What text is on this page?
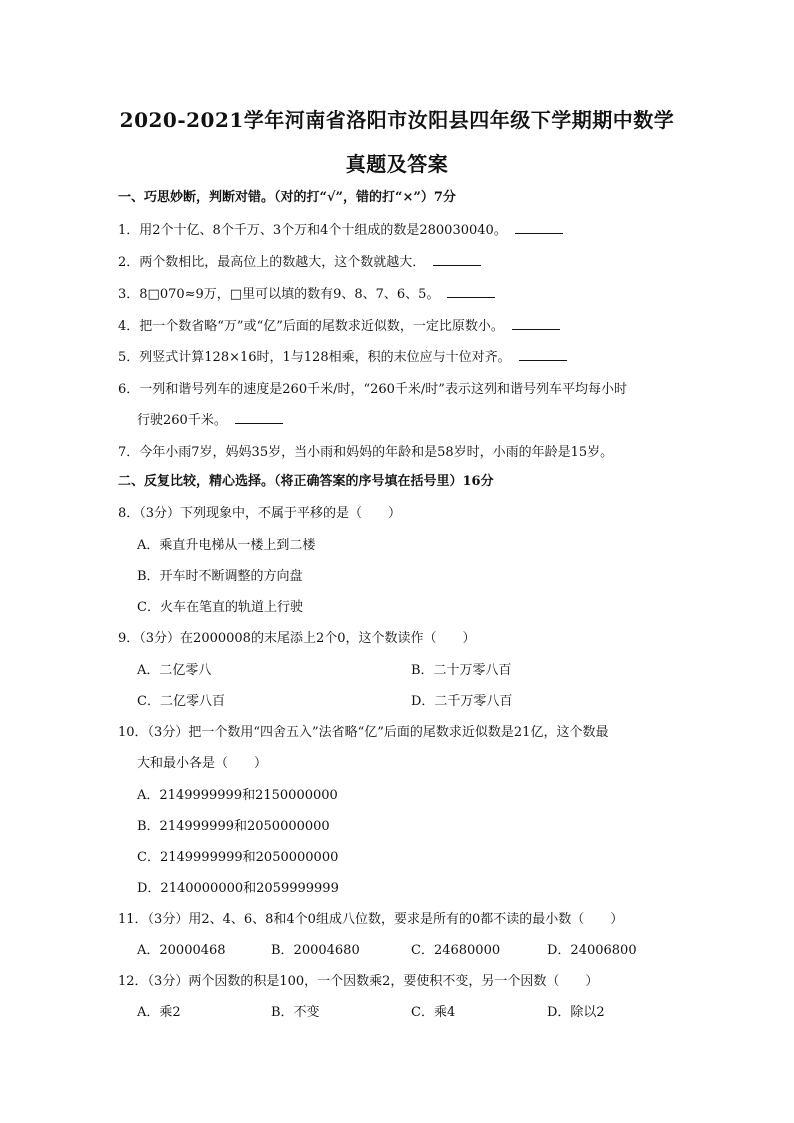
2020-2021学年河南省洛阳市汝阳县四年级下学期期中数学
真题及答案
一、巧思妙断，判断对错。（对的打“√”，错的打“×”）7分
1．用2个十亿、8个千万、3个万和4个十组成的数是280030040。
2．两个数相比，最高位上的数越大，这个数就越大．
3．8□070≈9万，□里可以填的数有9、8、7、6、5。
4．把一个数省略“万”或“亿”后面的尾数求近似数，一定比原数小。
5．列竖式计算128×16时，1与128相乘，积的末位应与十位对齐。
6．一列和谐号列车的速度是260千米/时，“260千米/时”表示这列和谐号列车平均每小时
行驶260千米。
7．今年小雨7岁，妈妈35岁，当小雨和妈妈的年龄和是58岁时，小雨的年龄是15岁。
二、反复比较，精心选择。（将正确答案的序号填在括号里）16分
8．（3分）下列现象中，不属于平移的是（　　）
A．乘直升电梯从一楼上到二楼
B．开车时不断调整的方向盘
C．火车在笔直的轨道上行驶
9．（3分）在2000008的末尾添上2个0，这个数读作（　　）
A．二亿零八	B．二十万零八百
C．二亿零八百	D．二千万零八百
10．（3分）把一个数用“四舍五入”法省略“亿”后面的尾数求近似数是21亿，这个数最
大和最小各是（　　）
A．2149999999和2150000000
B．214999999和2050000000
C．2149999999和2050000000
D．2140000000和2059999999
11．（3分）用2、4、6、8和4个0组成八位数，要求是所有的0都不读的最小数（　　）
A．20000468	B．20004680	C．24680000	D．24006800
12．（3分）两个因数的积是100，一个因数乘2，要使积不变，另一个因数（　　）
A．乘2	B．不变	C．乘4	D．除以2
